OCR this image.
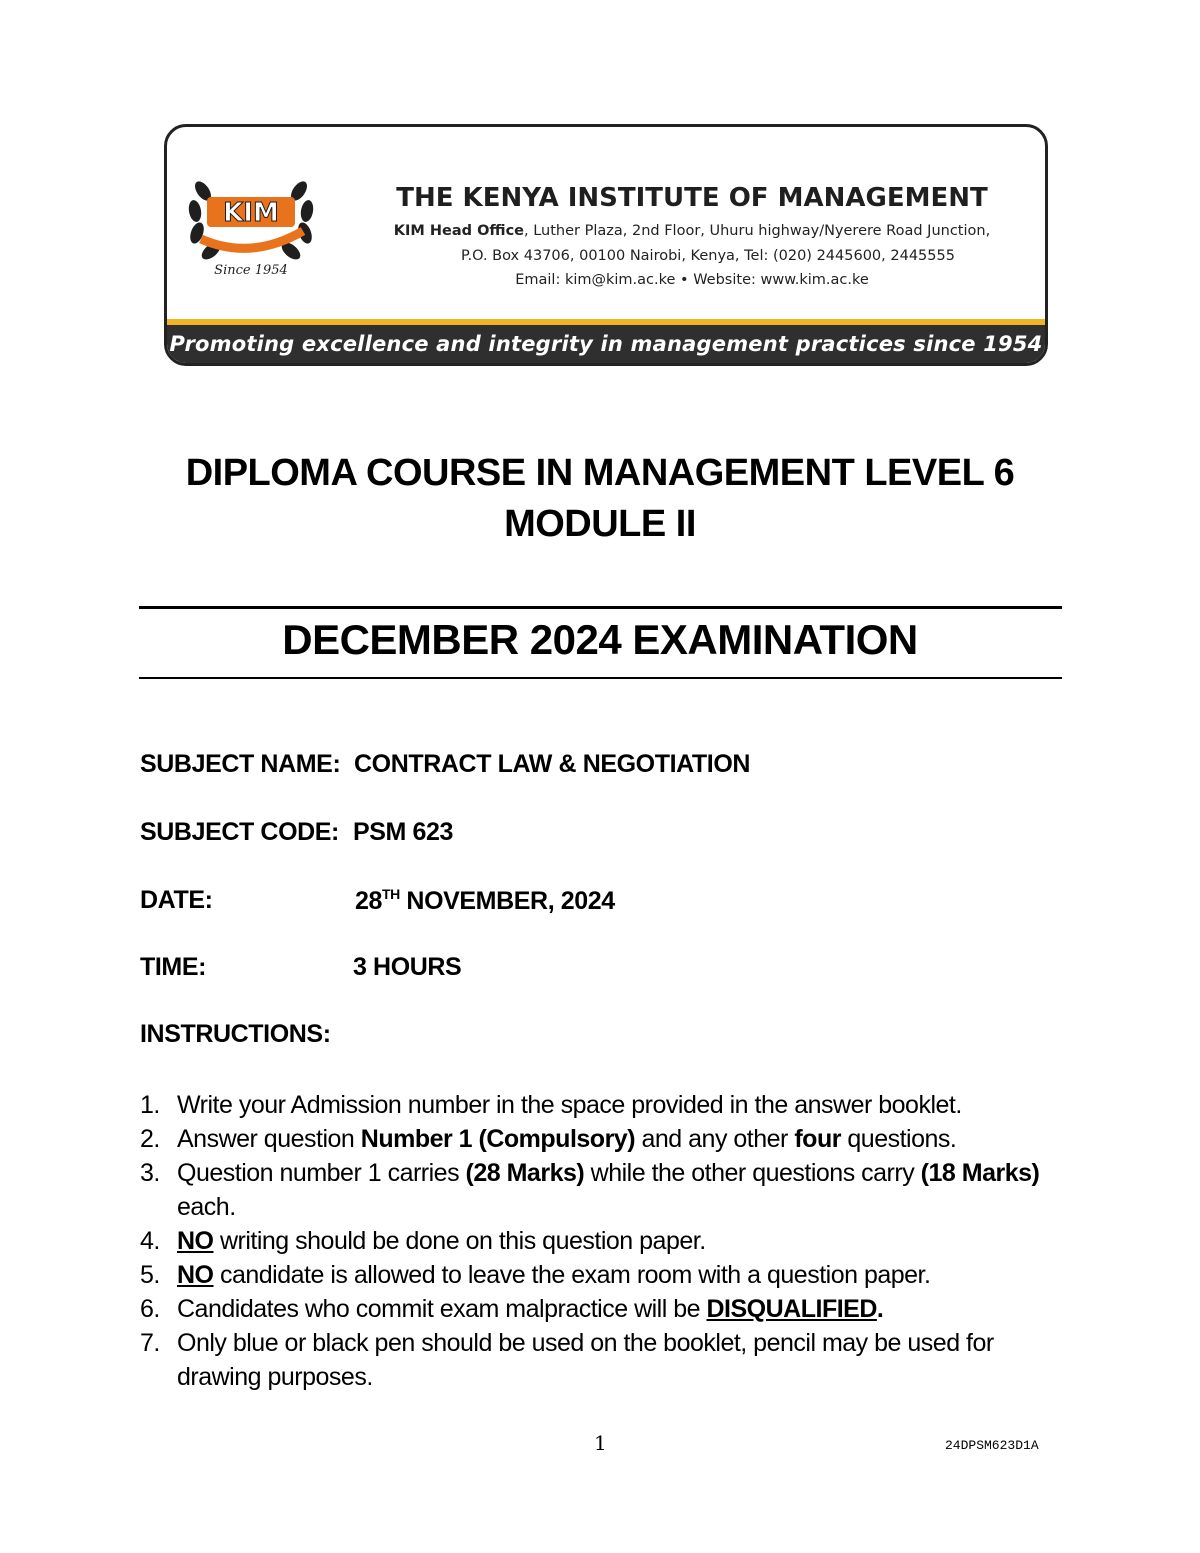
KIM
Since 1954
THE KENYA INSTITUTE OF MANAGEMENT
KIM Head Office, Luther Plaza, 2nd Floor, Uhuru highway/Nyerere Road Junction,
P.O. Box 43706, 00100 Nairobi, Kenya, Tel: (020) 2445600, 2445555
Email: kim@kim.ac.ke • Website: www.kim.ac.ke
Promoting excellence and integrity in management practices since 1954
DIPLOMA COURSE IN MANAGEMENT LEVEL 6
MODULE II
DECEMBER 2024 EXAMINATION
SUBJECT NAME: CONTRACT LAW & NEGOTIATION
SUBJECT CODE: PSM 623
DATE:	28TH NOVEMBER, 2024
TIME:	3 HOURS
INSTRUCTIONS:
1. Write your Admission number in the space provided in the answer booklet.
2. Answer question Number 1 (Compulsory) and any other four questions.
3. Question number 1 carries (28 Marks) while the other questions carry (18 Marks) each.
4. NO writing should be done on this question paper.
5. NO candidate is allowed to leave the exam room with a question paper.
6. Candidates who commit exam malpractice will be DISQUALIFIED.
7. Only blue or black pen should be used on the booklet, pencil may be used for drawing purposes.
1	24DPSM623D1A
